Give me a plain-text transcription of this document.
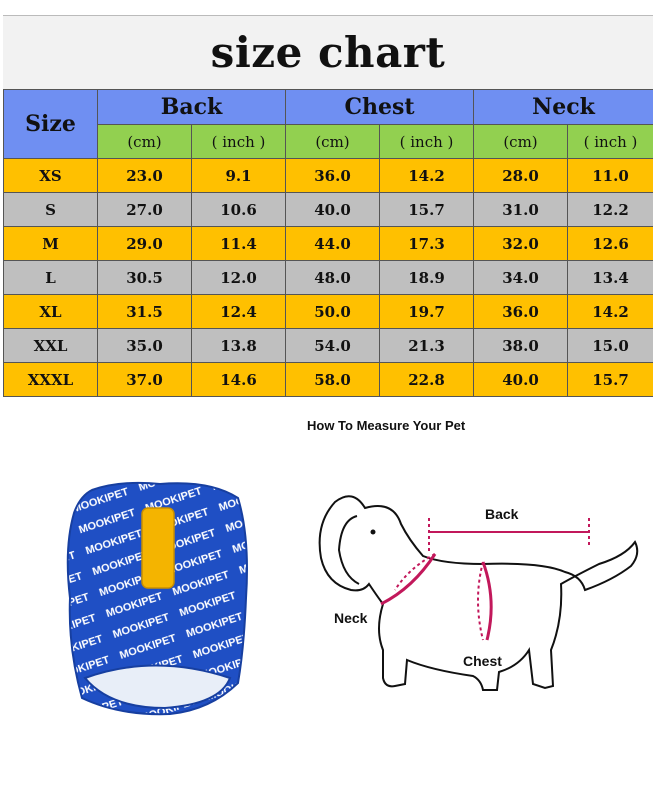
size chart
Size	Back		Chest		Neck	
	(cm)	( inch )	(cm)	( inch )	(cm)	( inch )
XS	23.0	9.1	36.0	14.2	28.0	11.0
S	27.0	10.6	40.0	15.7	31.0	12.2
M	29.0	11.4	44.0	17.3	32.0	12.6
L	30.5	12.0	48.0	18.9	34.0	13.4
XL	31.5	12.4	50.0	19.7	36.0	14.2
XXL	35.0	13.8	54.0	21.3	38.0	15.0
XXXL	37.0	14.6	58.0	22.8	40.0	15.7
How To Measure Your Pet
Back
Neck
Chest
